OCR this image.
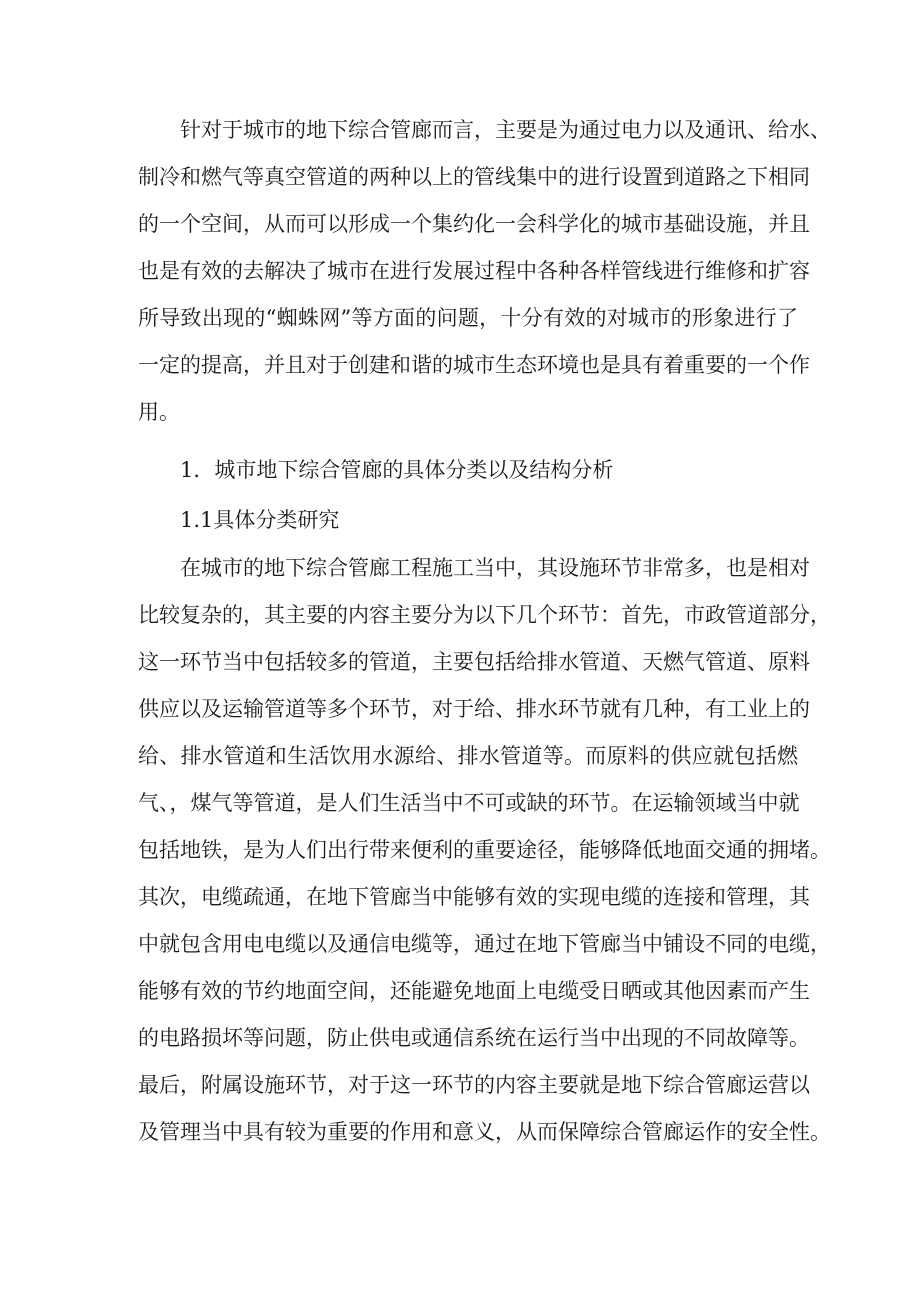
针对于城市的地下综合管廊而言，主要是为通过电力以及通讯、给水、
制冷和燃气等真空管道的两种以上的管线集中的进行设置到道路之下相同
的一个空间，从而可以形成一个集约化一会科学化的城市基础设施，并且
也是有效的去解决了城市在进行发展过程中各种各样管线进行维修和扩容
所导致出现的“蜘蛛网”等方面的问题，十分有效的对城市的形象进行了
一定的提高，并且对于创建和谐的城市生态环境也是具有着重要的一个作
用。
1．城市地下综合管廊的具体分类以及结构分析
1.1具体分类研究
在城市的地下综合管廊工程施工当中，其设施环节非常多，也是相对
比较复杂的，其主要的内容主要分为以下几个环节：首先，市政管道部分，
这一环节当中包括较多的管道，主要包括给排水管道、天燃气管道、原料
供应以及运输管道等多个环节，对于给、排水环节就有几种，有工业上的
给、排水管道和生活饮用水源给、排水管道等。而原料的供应就包括燃
气、，煤气等管道，是人们生活当中不可或缺的环节。在运输领域当中就
包括地铁，是为人们出行带来便利的重要途径，能够降低地面交通的拥堵。
其次，电缆疏通，在地下管廊当中能够有效的实现电缆的连接和管理，其
中就包含用电电缆以及通信电缆等，通过在地下管廊当中铺设不同的电缆，
能够有效的节约地面空间，还能避免地面上电缆受日晒或其他因素而产生
的电路损坏等问题，防止供电或通信系统在运行当中出现的不同故障等。
最后，附属设施环节，对于这一环节的内容主要就是地下综合管廊运营以
及管理当中具有较为重要的作用和意义，从而保障综合管廊运作的安全性。
